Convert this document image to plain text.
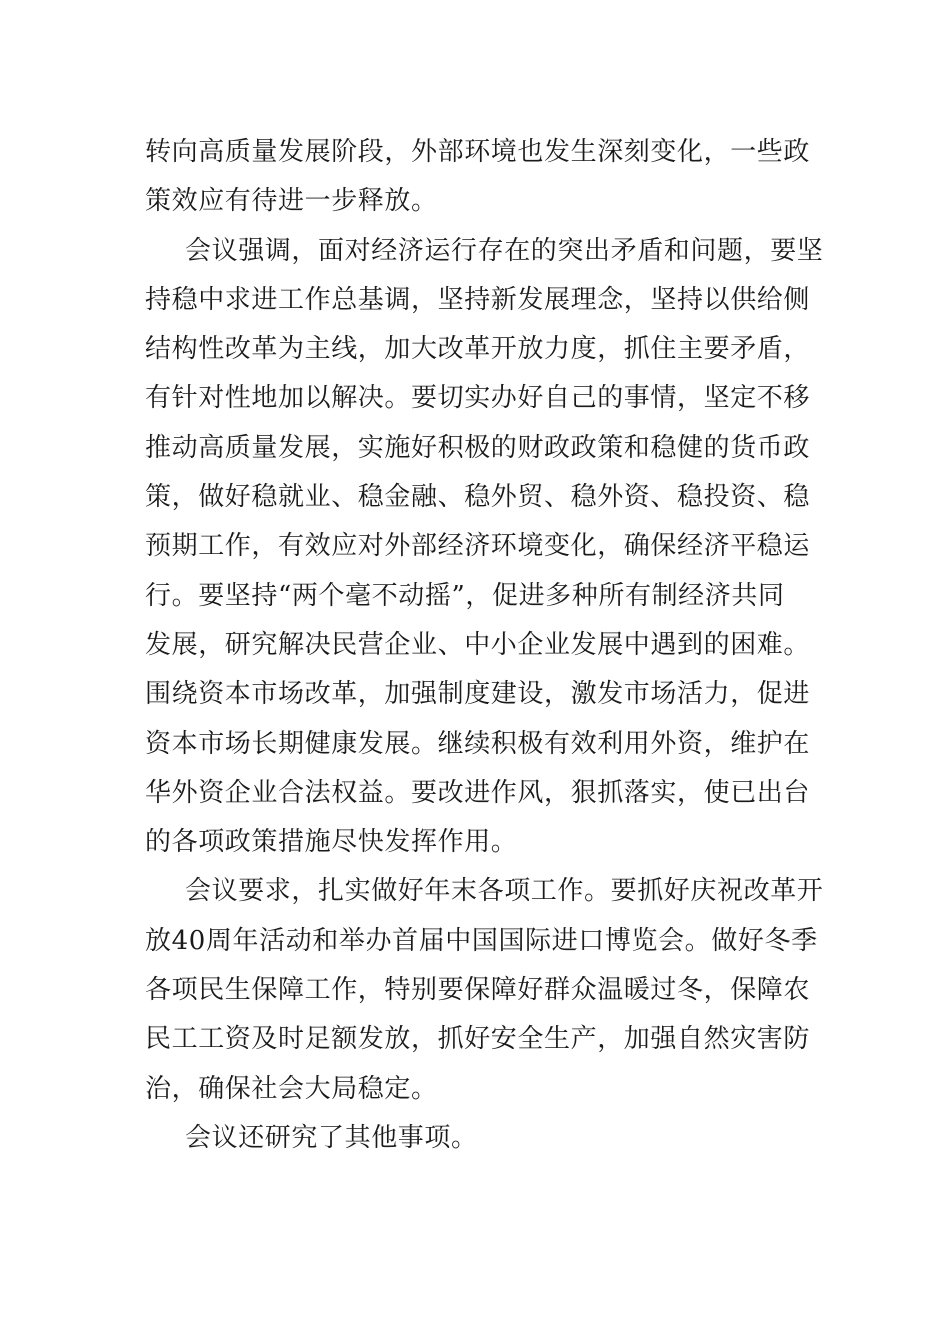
转向高质量发展阶段，外部环境也发生深刻变化，一些政
策效应有待进一步释放。
会议强调，面对经济运行存在的突出矛盾和问题，要坚
持稳中求进工作总基调，坚持新发展理念，坚持以供给侧
结构性改革为主线，加大改革开放力度，抓住主要矛盾，
有针对性地加以解决。要切实办好自己的事情，坚定不移
推动高质量发展，实施好积极的财政政策和稳健的货币政
策，做好稳就业、稳金融、稳外贸、稳外资、稳投资、稳
预期工作，有效应对外部经济环境变化，确保经济平稳运
行。要坚持“两个毫不动摇”，促进多种所有制经济共同
发展，研究解决民营企业、中小企业发展中遇到的困难。
围绕资本市场改革，加强制度建设，激发市场活力，促进
资本市场长期健康发展。继续积极有效利用外资，维护在
华外资企业合法权益。要改进作风，狠抓落实，使已出台
的各项政策措施尽快发挥作用。
会议要求，扎实做好年末各项工作。要抓好庆祝改革开
放40周年活动和举办首届中国国际进口博览会。做好冬季
各项民生保障工作，特别要保障好群众温暖过冬，保障农
民工工资及时足额发放，抓好安全生产，加强自然灾害防
治，确保社会大局稳定。
会议还研究了其他事项。
